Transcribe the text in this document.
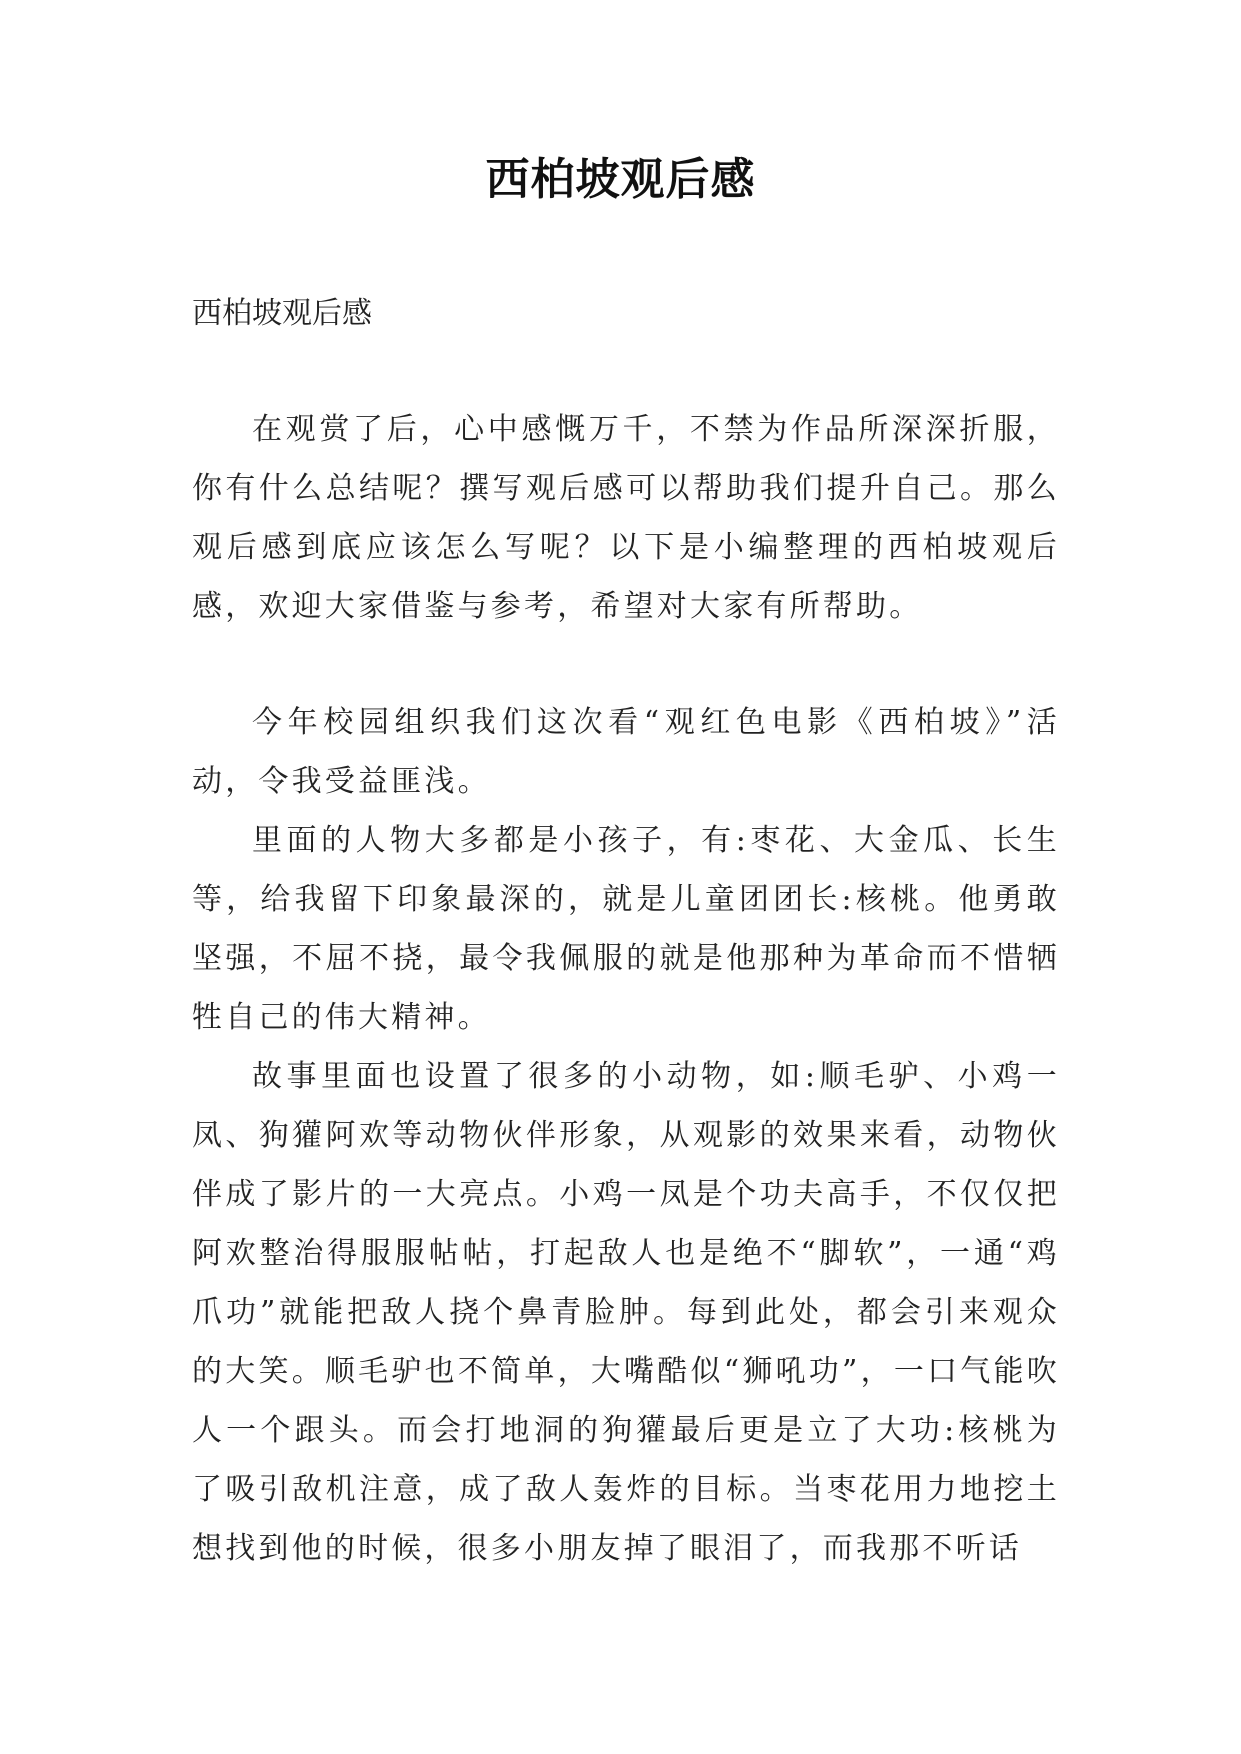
西柏坡观后感
西柏坡观后感

在观赏了后，心中感慨万千，不禁为作品所深深折服，你有什么总结呢？撰写观后感可以帮助我们提升自己。那么观后感到底应该怎么写呢？以下是小编整理的西柏坡观后感，欢迎大家借鉴与参考，希望对大家有所帮助。

今年校园组织我们这次看“观红色电影《西柏坡》”活动，令我受益匪浅。

里面的人物大多都是小孩子，有:枣花、大金瓜、长生等，给我留下印象最深的，就是儿童团团长:核桃。他勇敢坚强，不屈不挠，最令我佩服的就是他那种为革命而不惜牺牲自己的伟大精神。

故事里面也设置了很多的小动物，如:顺毛驴、小鸡一凤、狗獾阿欢等动物伙伴形象，从观影的效果来看，动物伙伴成了影片的一大亮点。小鸡一凤是个功夫高手，不仅仅把阿欢整治得服服帖帖，打起敌人也是绝不“脚软”，一通“鸡爪功”就能把敌人挠个鼻青脸肿。每到此处，都会引来观众的大笑。顺毛驴也不简单，大嘴酷似“狮吼功”，一口气能吹人一个跟头。而会打地洞的狗獾最后更是立了大功:核桃为了吸引敌机注意，成了敌人轰炸的目标。当枣花用力地挖土想找到他的时候，很多小朋友掉了眼泪了，而我那不听话
